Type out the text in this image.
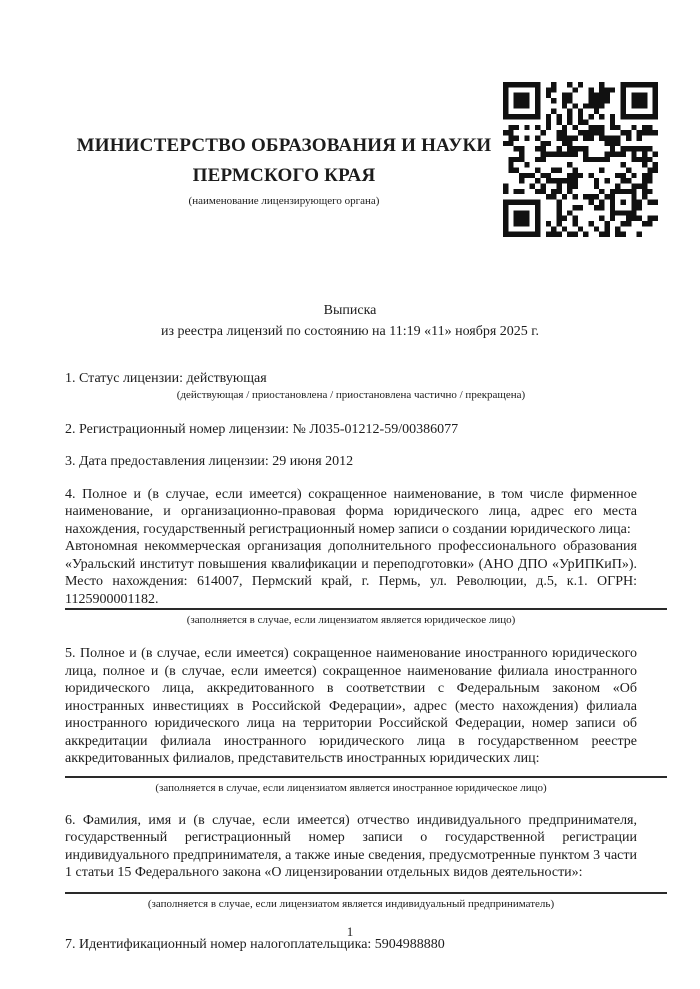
МИНИСТЕРСТВО ОБРАЗОВАНИЯ И НАУКИ

ПЕРМСКОГО КРАЯ

(наименование лицензирующего органа)
Выписка
из реестра лицензий по состоянию на 11:19 «11» ноября 2025 г.

1. Статус лицензии: действующая

(действующая / приостановлена / приостановлена частично / прекращена)

2. Регистрационный номер лицензии: № Л035-01212-59/00386077

3. Дата предоставления лицензии: 29 июня 2012

4. Полное и (в случае, если имеется) сокращенное наименование, в том числе фирменное наименование, и организационно-правовая форма юридического лица, адрес его места нахождения, государственный регистрационный номер записи о создании юридического лица:

Автономная некоммерческая организация дополнительного профессионального образования «Уральский институт повышения квалификации и переподготовки» (АНО ДПО «УрИПКиП»). Место нахождения: 614007, Пермский край, г. Пермь, ул. Революции, д.5, к.1. ОГРН: 1125900001182.

(заполняется в случае, если лицензиатом является юридическое лицо)

5. Полное и (в случае, если имеется) сокращенное наименование иностранного юридического лица, полное и (в случае, если имеется) сокращенное наименование филиала иностранного юридического лица, аккредитованного в соответствии с Федеральным законом «Об иностранных инвестициях в Российской Федерации», адрес (место нахождения) филиала иностранного юридического лица на территории Российской Федерации, номер записи об аккредитации филиала иностранного юридического лица в государственном реестре аккредитованных филиалов, представительств иностранных юридических лиц:

(заполняется в случае, если лицензиатом является иностранное юридическое лицо)

6. Фамилия, имя и (в случае, если имеется) отчество индивидуального предпринимателя, государственный регистрационный номер записи о государственной регистрации индивидуального предпринимателя, а также иные сведения, предусмотренные пунктом 3 части 1 статьи 15 Федерального закона «О лицензировании отдельных видов деятельности»:

(заполняется в случае, если лицензиатом является индивидуальный предприниматель)

7. Идентификационный номер налогоплательщика: 5904988880

1
